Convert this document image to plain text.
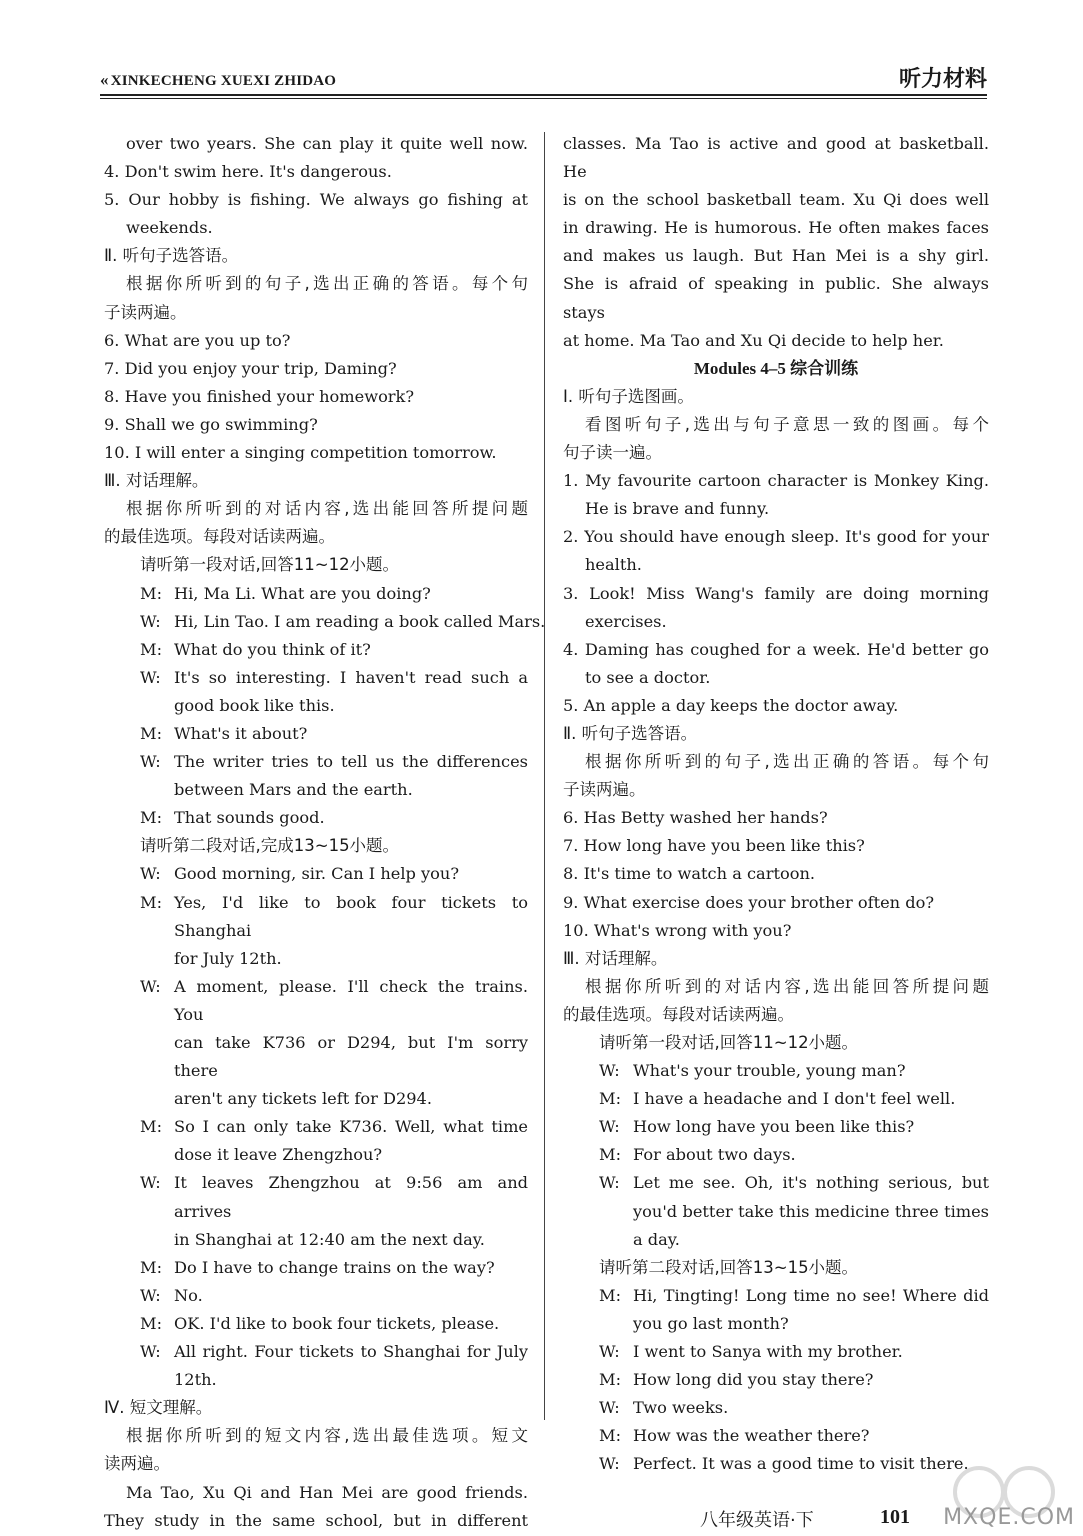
« XINKECHENG XUEXI ZHIDAO	听力材料
over two years. She can play it quite well now.
4. Don't swim here. It's dangerous.
5. Our hobby is fishing. We always go fishing at
weekends.
Ⅱ. 听句子选答语。
根据你所听到的句子,选出正确的答语。每个句
子读两遍。
6. What are you up to?
7. Did you enjoy your trip, Daming?
8. Have you finished your homework?
9. Shall we go swimming?
10. I will enter a singing competition tomorrow.
Ⅲ. 对话理解。
根据你所听到的对话内容,选出能回答所提问题
的最佳选项。每段对话读两遍。
请听第一段对话,回答11~12小题。
M: Hi, Ma Li. What are you doing?
W: Hi, Lin Tao. I am reading a book called Mars.
M: What do you think of it?
W: It's so interesting. I haven't read such a
good book like this.
M: What's it about?
W: The writer tries to tell us the differences
between Mars and the earth.
M: That sounds good.
请听第二段对话,完成13~15小题。
W: Good morning, sir. Can I help you?
M: Yes, I'd like to book four tickets to Shanghai
for July 12th.
W: A moment, please. I'll check the trains. You
can take K736 or D294, but I'm sorry there
aren't any tickets left for D294.
M: So I can only take K736. Well, what time
dose it leave Zhengzhou?
W: It leaves Zhengzhou at 9:56 am and arrives
in Shanghai at 12:40 am the next day.
M: Do I have to change trains on the way?
W: No.
M: OK. I'd like to book four tickets, please.
W: All right. Four tickets to Shanghai for July
12th.
Ⅳ. 短文理解。
根据你所听到的短文内容,选出最佳选项。短文
读两遍。
Ma Tao, Xu Qi and Han Mei are good friends.
They study in the same school, but in different
classes. Ma Tao is active and good at basketball. He
is on the school basketball team. Xu Qi does well
in drawing. He is humorous. He often makes faces
and makes us laugh. But Han Mei is a shy girl.
She is afraid of speaking in public. She always stays
at home. Ma Tao and Xu Qi decide to help her.
Modules 4–5 综合训练
Ⅰ. 听句子选图画。
看图听句子,选出与句子意思一致的图画。每个
句子读一遍。
1. My favourite cartoon character is Monkey King.
He is brave and funny.
2. You should have enough sleep. It's good for your
health.
3. Look! Miss Wang's family are doing morning
exercises.
4. Daming has coughed for a week. He'd better go
to see a doctor.
5. An apple a day keeps the doctor away.
Ⅱ. 听句子选答语。
根据你所听到的句子,选出正确的答语。每个句
子读两遍。
6. Has Betty washed her hands?
7. How long have you been like this?
8. It's time to watch a cartoon.
9. What exercise does your brother often do?
10. What's wrong with you?
Ⅲ. 对话理解。
根据你所听到的对话内容,选出能回答所提问题
的最佳选项。每段对话读两遍。
请听第一段对话,回答11~12小题。
W: What's your trouble, young man?
M: I have a headache and I don't feel well.
W: How long have you been like this?
M: For about two days.
W: Let me see. Oh, it's nothing serious, but
you'd better take this medicine three times
a day.
请听第二段对话,回答13~15小题。
M: Hi, Tingting! Long time no see! Where did
you go last month?
W: I went to Sanya with my brother.
M: How long did you stay there?
W: Two weeks.
M: How was the weather there?
W: Perfect. It was a good time to visit there.
八年级英语·下	101 MXQE.COM
